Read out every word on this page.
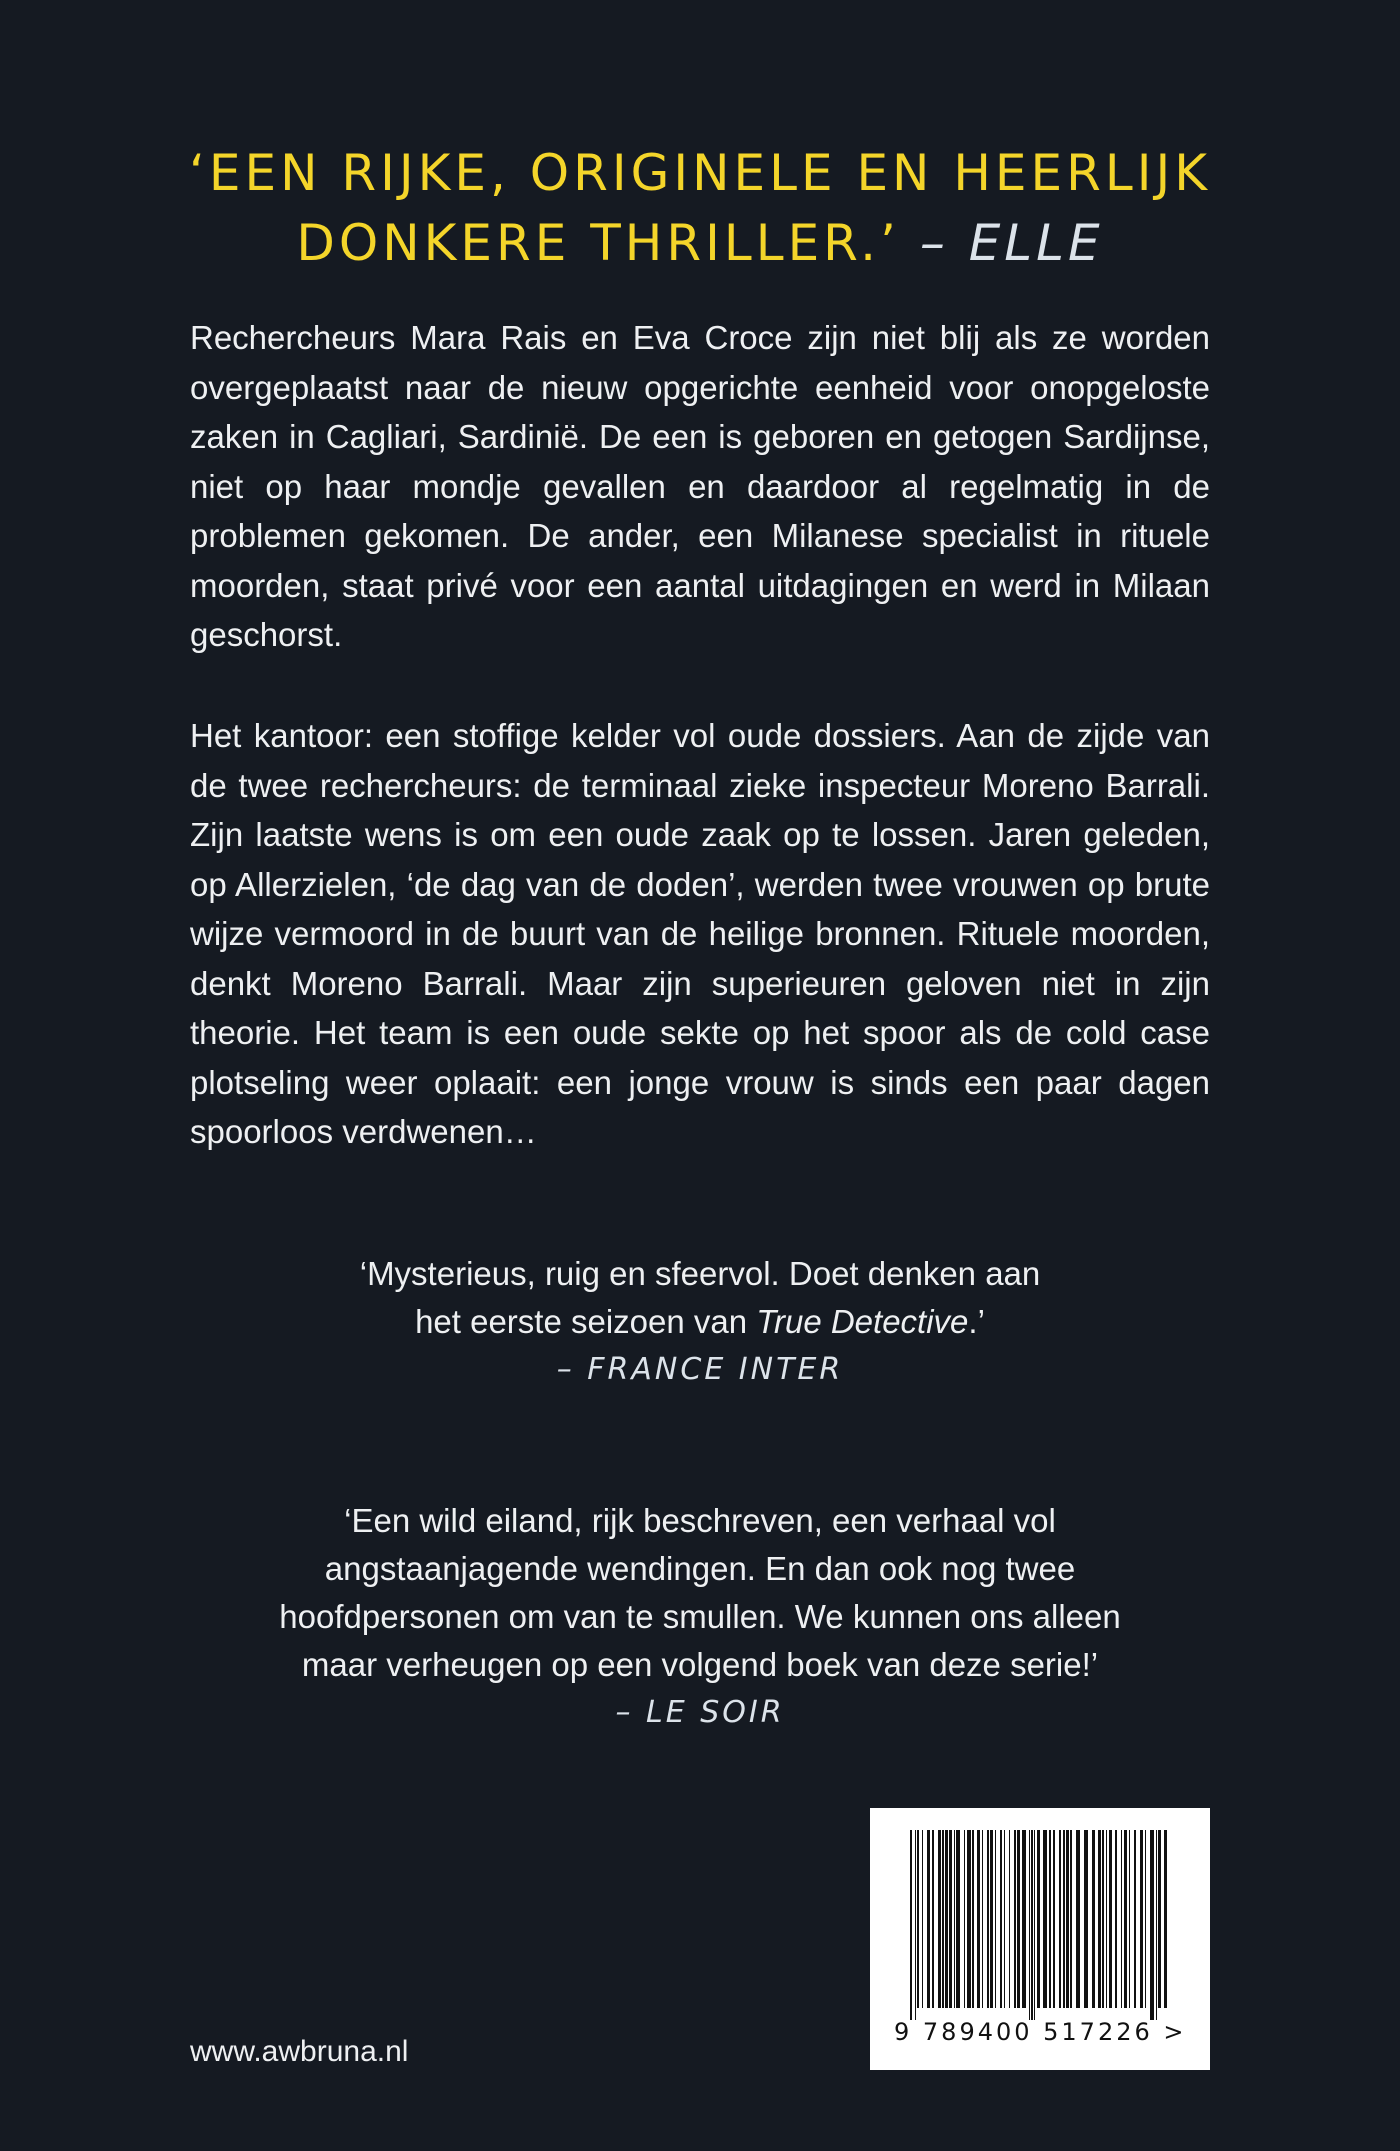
‘EEN RIJKE, ORIGINELE EN HEERLIJK
DONKERE THRILLER.’ – ELLE
Rechercheurs Mara Rais en Eva Croce zijn niet blij als ze worden overgeplaatst naar de nieuw opgerichte eenheid voor onopgeloste zaken in Cagliari, Sardinië. De een is geboren en getogen Sardijnse, niet op haar mondje gevallen en daardoor al regelmatig in de problemen gekomen. De ander, een Milanese specialist in rituele moorden, staat privé voor een aantal uitdagingen en werd in Milaan geschorst.
Het kantoor: een stoffige kelder vol oude dossiers. Aan de zijde van de twee rechercheurs: de terminaal zieke inspecteur Moreno Barrali. Zijn laatste wens is om een oude zaak op te lossen. Jaren geleden, op Allerzielen, ‘de dag van de doden’, werden twee vrouwen op brute wijze vermoord in de buurt van de heilige bronnen. Rituele moorden, denkt Moreno Barrali. Maar zijn superieuren geloven niet in zijn theorie. Het team is een oude sekte op het spoor als de cold case plotseling weer oplaait: een jonge vrouw is sinds een paar dagen spoorloos verdwenen…
‘Mysterieus, ruig en sfeervol. Doet denken aan
het eerste seizoen van True Detective.’
– FRANCE INTER
‘Een wild eiland, rijk beschreven, een verhaal vol
angstaanjagende wendingen. En dan ook nog twee
hoofdpersonen om van te smullen. We kunnen ons alleen
maar verheugen op een volgend boek van deze serie!’
– LE SOIR
www.awbruna.nl
9 789400 517226 >
